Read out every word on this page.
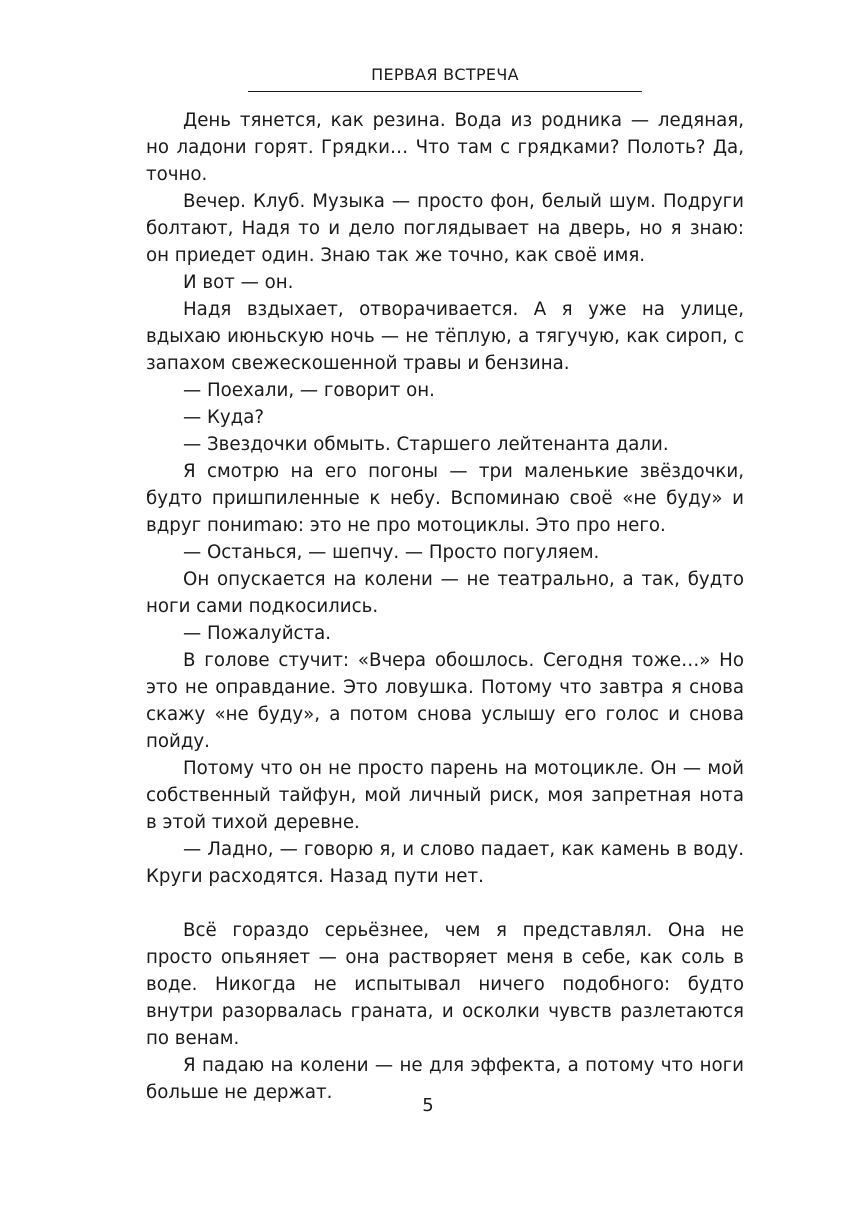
ПЕРВАЯ ВСТРЕЧА

День тянется, как резина. Вода из родника — ледяная, но ладони горят. Грядки… Что там с грядками? Полоть? Да, точно.

Вечер. Клуб. Музыка — просто фон, белый шум. Подруги болтают, Надя то и дело поглядывает на дверь, но я знаю: он приедет один. Знаю так же точно, как своё имя.

И вот — он.

Надя вздыхает, отворачивается. А я уже на улице, вдыхаю июньскую ночь — не тёплую, а тягучую, как сироп, с запахом свежескошенной травы и бензина.

— Поехали, — говорит он.

— Куда?

— Звездочки обмыть. Старшего лейтенанта дали.

Я смотрю на его погоны — три маленькие звёздочки, будто пришпиленные к небу. Вспоминаю своё «не буду» и вдруг пониmаю: это не про мотоциклы. Это про него.

— Останься, — шепчу. — Просто погуляем.

Он опускается на колени — не театрально, а так, будто ноги сами подкосились.

— Пожалуйста.

В голове стучит: «Вчера обошлось. Сегодня тоже…» Но это не оправдание. Это ловушка. Потому что завтра я снова скажу «не буду», а потом снова услышу его голос и снова пойду.

Потому что он не просто парень на мотоцикле. Он — мой собственный тайфун, мой личный риск, моя запретная нота в этой тихой деревне.

— Ладно, — говорю я, и слово падает, как камень в воду. Круги расходятся. Назад пути нет.

Всё гораздо серьёзнее, чем я представлял. Она не просто опьяняет — она растворяет меня в себе, как соль в воде. Никогда не испытывал ничего подобного: будто внутри разорвалась граната, и осколки чувств разлетаются по венам.

Я падаю на колени — не для эффекта, а потому что ноги больше не держат.

5
